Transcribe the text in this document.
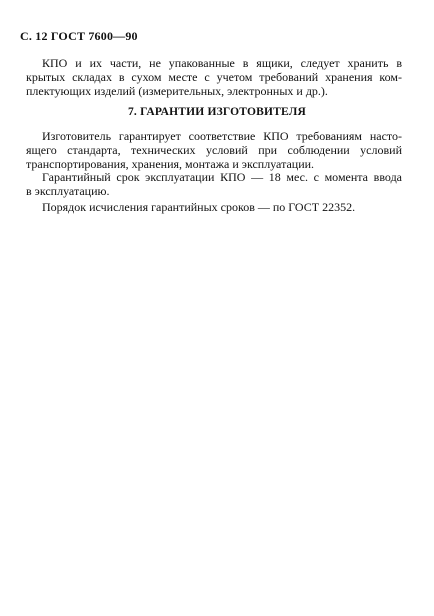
С. 12 ГОСТ 7600—90
КПО и их части, не упакованные в ящики, следует хранить в
крытых складах в сухом месте с учетом требований хранения ком-
плектующих изделий (измерительных, электронных и др.).
7. ГАРАНТИИ ИЗГОТОВИТЕЛЯ
Изготовитель гарантирует соответствие КПО требованиям насто-
ящего стандарта, технических условий при соблюдении условий
транспортирования, хранения, монтажа и эксплуатации.
Гарантийный срок эксплуатации КПО — 18 мес. с момента ввода
в эксплуатацию.
Порядок исчисления гарантийных сроков — по ГОСТ 22352.
